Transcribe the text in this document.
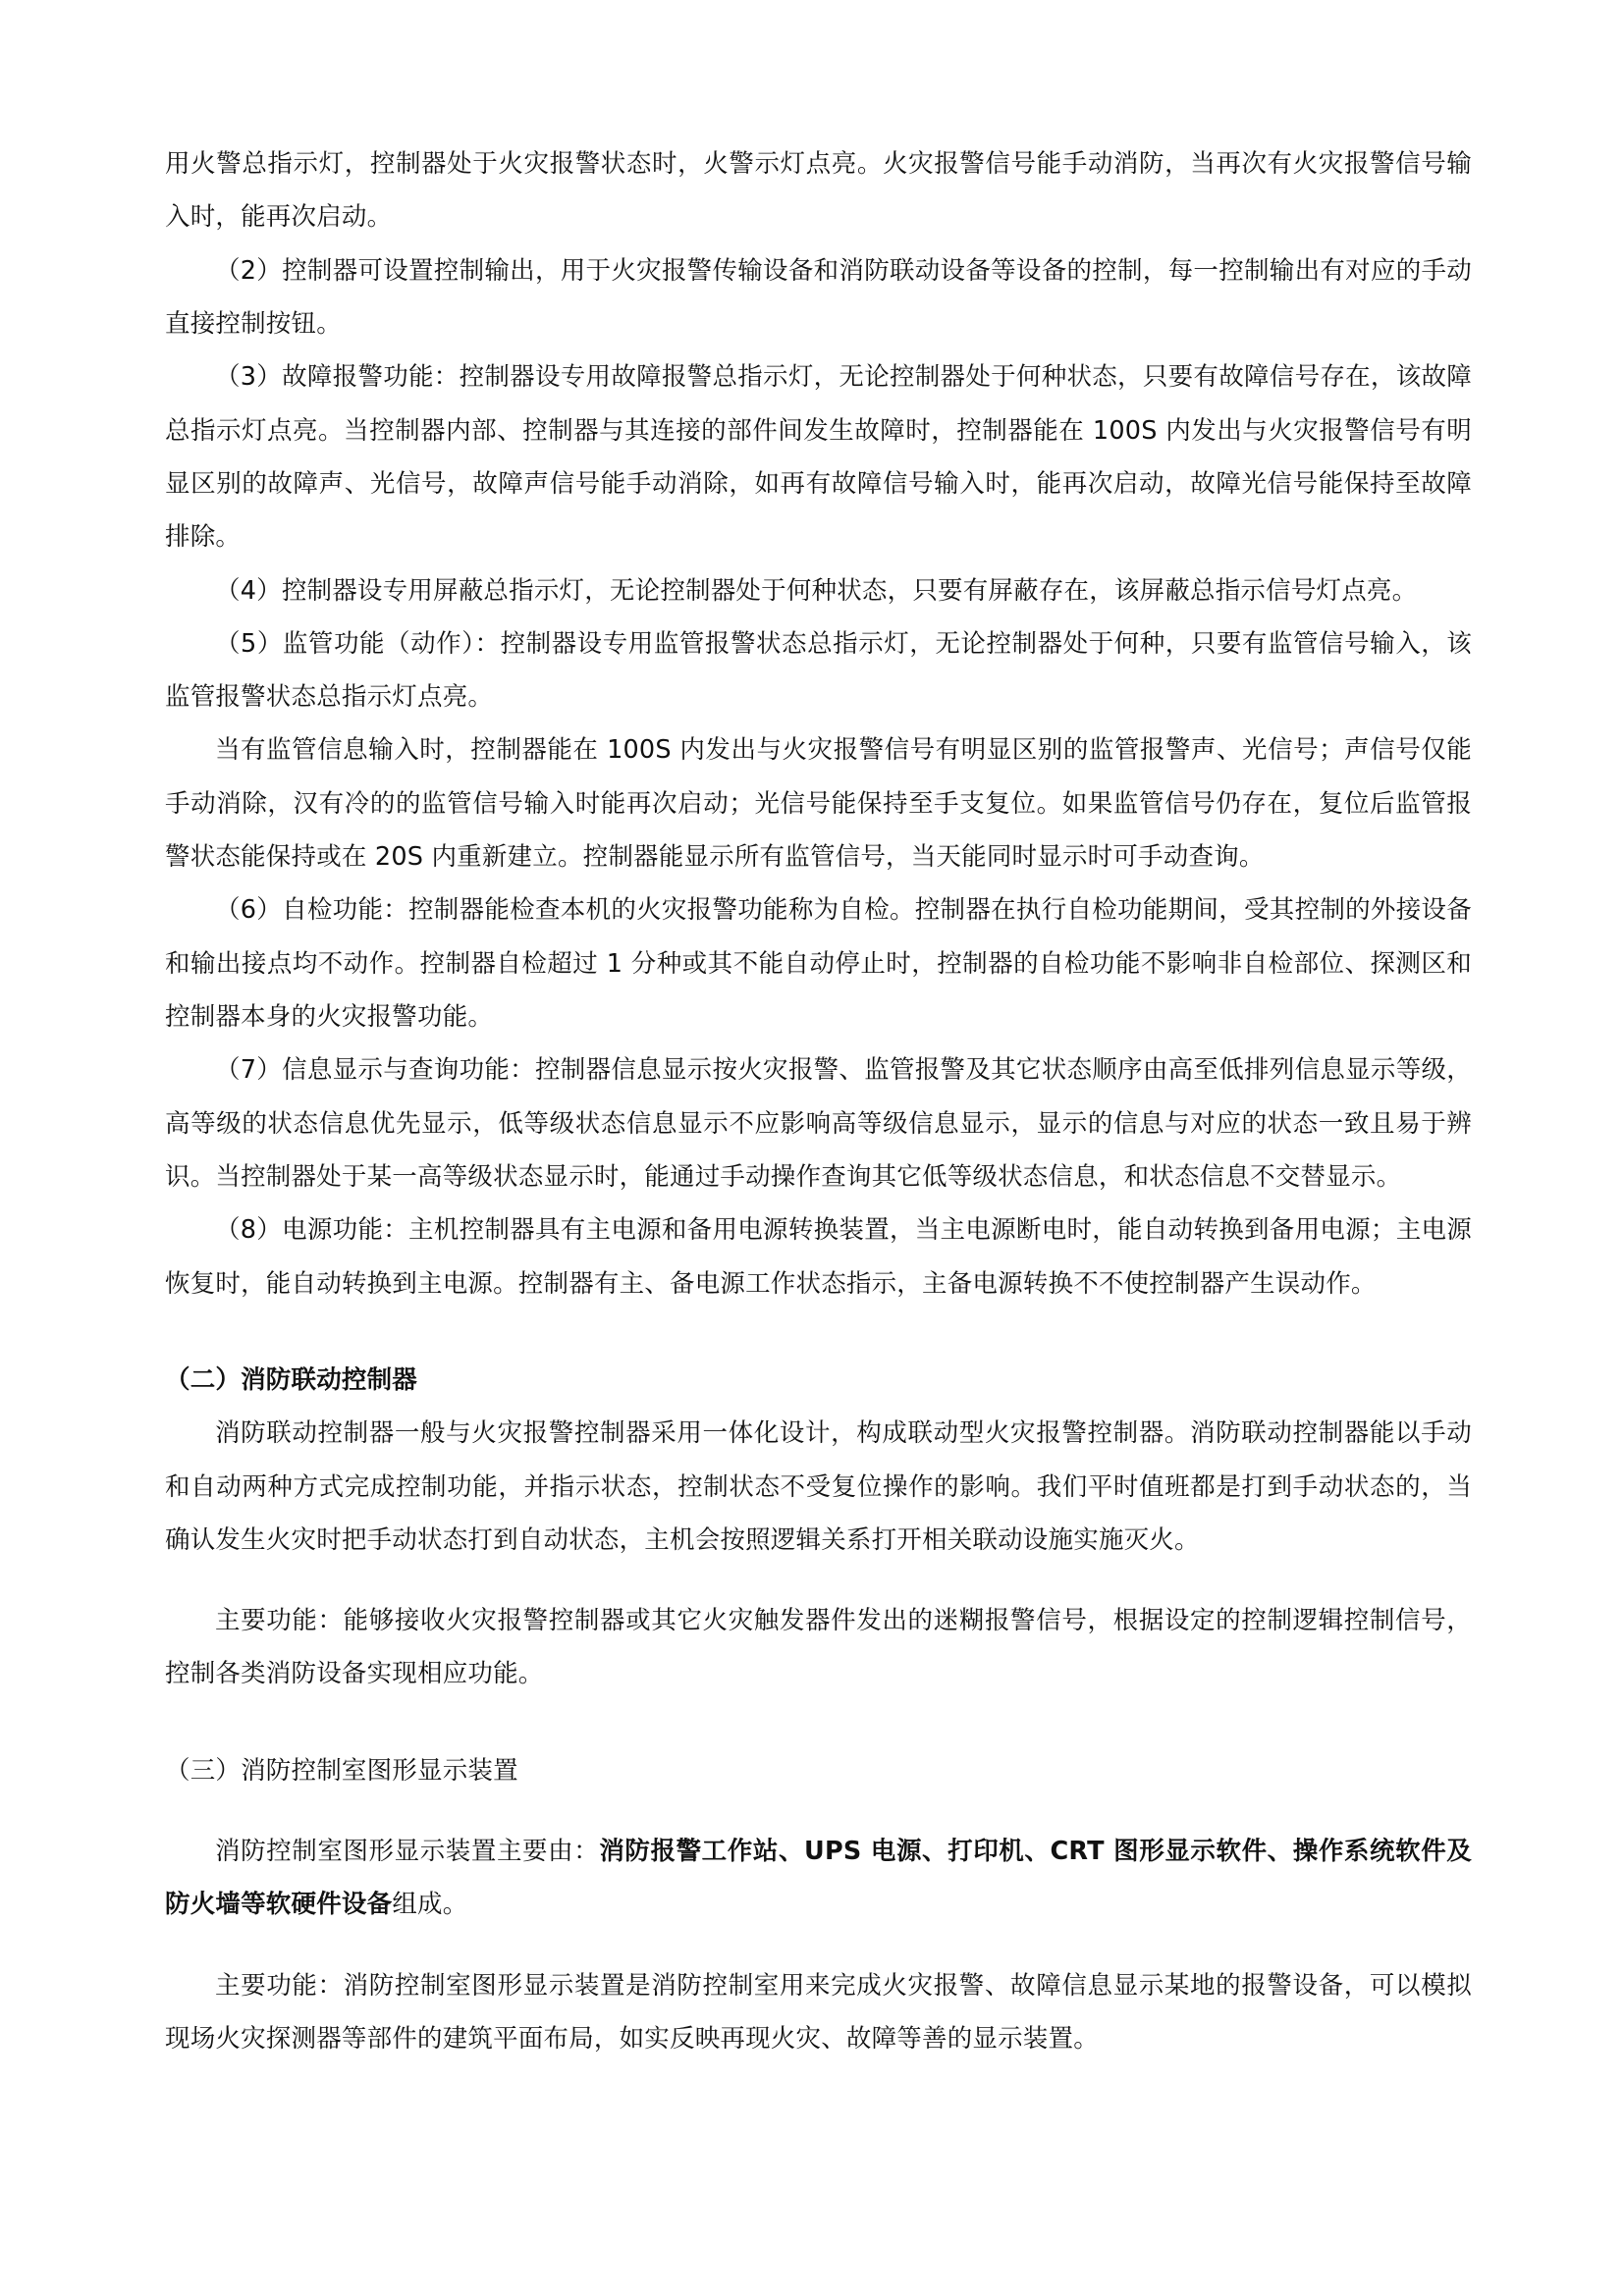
用火警总指示灯，控制器处于火灾报警状态时，火警示灯点亮。火灾报警信号能手动消防，当再次有火灾报警信号输入时，能再次启动。

（2）控制器可设置控制输出，用于火灾报警传输设备和消防联动设备等设备的控制，每一控制输出有对应的手动直接控制按钮。

（3）故障报警功能：控制器设专用故障报警总指示灯，无论控制器处于何种状态，只要有故障信号存在，该故障总指示灯点亮。当控制器内部、控制器与其连接的部件间发生故障时，控制器能在 100S 内发出与火灾报警信号有明显区别的故障声、光信号，故障声信号能手动消除，如再有故障信号输入时，能再次启动，故障光信号能保持至故障排除。

（4）控制器设专用屏蔽总指示灯，无论控制器处于何种状态，只要有屏蔽存在，该屏蔽总指示信号灯点亮。

（5）监管功能（动作）：控制器设专用监管报警状态总指示灯，无论控制器处于何种，只要有监管信号输入，该监管报警状态总指示灯点亮。

当有监管信息输入时，控制器能在 100S 内发出与火灾报警信号有明显区别的监管报警声、光信号；声信号仅能手动消除，汉有冷的的监管信号输入时能再次启动；光信号能保持至手支复位。如果监管信号仍存在，复位后监管报警状态能保持或在 20S 内重新建立。控制器能显示所有监管信号，当天能同时显示时可手动查询。

（6）自检功能：控制器能检查本机的火灾报警功能称为自检。控制器在执行自检功能期间，受其控制的外接设备和输出接点均不动作。控制器自检超过 1 分种或其不能自动停止时，控制器的自检功能不影响非自检部位、探测区和控制器本身的火灾报警功能。

（7）信息显示与查询功能：控制器信息显示按火灾报警、监管报警及其它状态顺序由高至低排列信息显示等级，高等级的状态信息优先显示，低等级状态信息显示不应影响高等级信息显示，显示的信息与对应的状态一致且易于辨识。当控制器处于某一高等级状态显示时，能通过手动操作查询其它低等级状态信息，和状态信息不交替显示。

（8）电源功能：主机控制器具有主电源和备用电源转换装置，当主电源断电时，能自动转换到备用电源；主电源恢复时，能自动转换到主电源。控制器有主、备电源工作状态指示，主备电源转换不不使控制器产生误动作。

（二）消防联动控制器

消防联动控制器一般与火灾报警控制器采用一体化设计，构成联动型火灾报警控制器。消防联动控制器能以手动和自动两种方式完成控制功能，并指示状态，控制状态不受复位操作的影响。我们平时值班都是打到手动状态的，当确认发生火灾时把手动状态打到自动状态，主机会按照逻辑关系打开相关联动设施实施灭火。

主要功能：能够接收火灾报警控制器或其它火灾触发器件发出的迷糊报警信号，根据设定的控制逻辑控制信号，控制各类消防设备实现相应功能。

（三）消防控制室图形显示装置

消防控制室图形显示装置主要由：消防报警工作站、UPS 电源、打印机、CRT 图形显示软件、操作系统软件及防火墙等软硬件设备组成。

主要功能：消防控制室图形显示装置是消防控制室用来完成火灾报警、故障信息显示某地的报警设备，可以模拟现场火灾探测器等部件的建筑平面布局，如实反映再现火灾、故障等善的显示装置。
